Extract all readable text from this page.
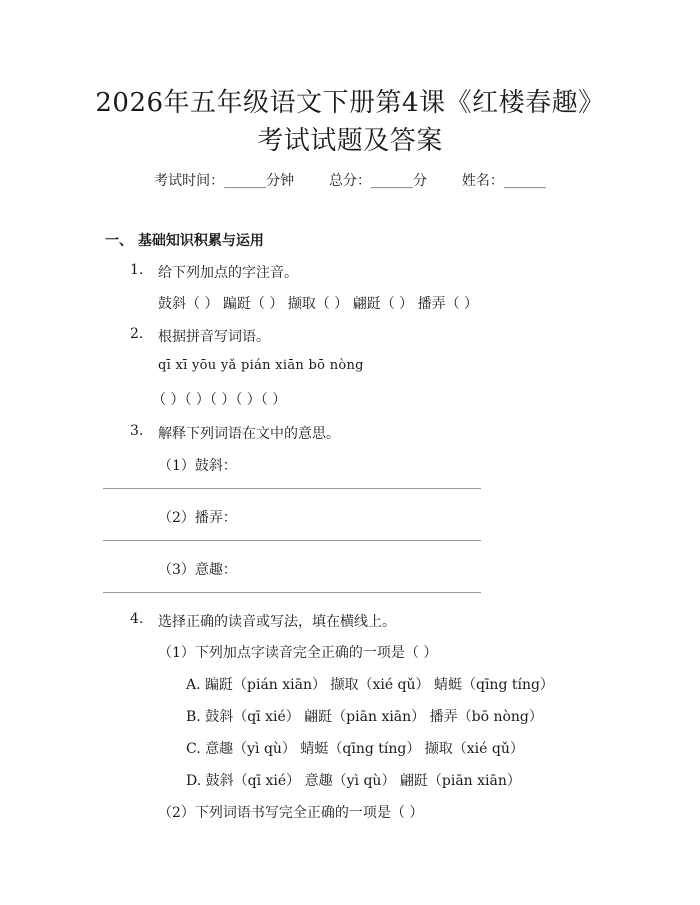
2026年五年级语文下册第4课《红楼春趣》
考试试题及答案
考试时间：______分钟 总分：______分 姓名：______
一、 基础知识积累与运用
1. 给下列加点的字注音。
鼓斜（ ） 蹁跹（ ） 撷取（ ） 翩跹（ ） 播弄（ ）
2. 根据拼音写词语。
qī xī yōu yǎ pián xiān bō nòng
（ ）（ ）（ ）（ ）（ ）
3. 解释下列词语在文中的意思。
（1）鼓斜：
（2）播弄：
（3）意趣：
4. 选择正确的读音或写法，填在横线上。
（1）下列加点字读音完全正确的一项是（ ）
A. 蹁跹（pián xiān） 撷取（xié qǔ） 蜻蜓（qīng tíng）
B. 鼓斜（qī xié） 翩跹（piān xiān） 播弄（bō nòng）
C. 意趣（yì qù） 蜻蜓（qīng tíng） 撷取（xié qǔ）
D. 鼓斜（qī xié） 意趣（yì qù） 翩跹（piān xiān）
（2）下列词语书写完全正确的一项是（ ）
